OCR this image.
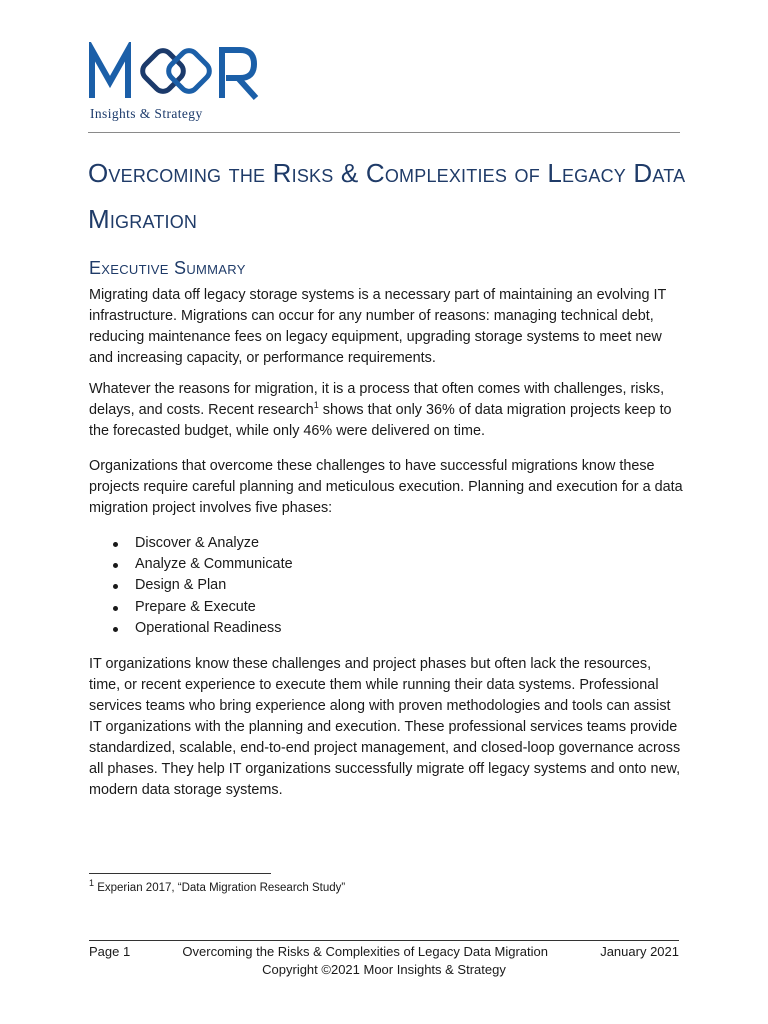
Insights & Strategy
Overcoming the Risks & Complexities of Legacy Data Migration
Executive Summary

Migrating data off legacy storage systems is a necessary part of maintaining an evolving IT infrastructure. Migrations can occur for any number of reasons: managing technical debt, reducing maintenance fees on legacy equipment, upgrading storage systems to meet new and increasing capacity, or performance requirements.

Whatever the reasons for migration, it is a process that often comes with challenges, risks, delays, and costs. Recent research$^1$ shows that only 36% of data migration projects keep to the forecasted budget, while only 46% were delivered on time.

Organizations that overcome these challenges to have successful migrations know these projects require careful planning and meticulous execution. Planning and execution for a data migration project involves five phases:

Discover & Analyze
Analyze & Communicate
Design & Plan
Prepare & Execute
Operational Readiness

IT organizations know these challenges and project phases but often lack the resources, time, or recent experience to execute them while running their data systems. Professional services teams who bring experience along with proven methodologies and tools can assist IT organizations with the planning and execution. These professional services teams provide standardized, scalable, end-to-end project management, and closed-loop governance across all phases. They help IT organizations successfully migrate off legacy systems and onto new, modern data storage systems.

$^1$ Experian 2017, “Data Migration Research Study”
Page 1	Overcoming the Risks & Complexities of Legacy Data Migration	January 2021
Copyright ©2021 Moor Insights & Strategy
